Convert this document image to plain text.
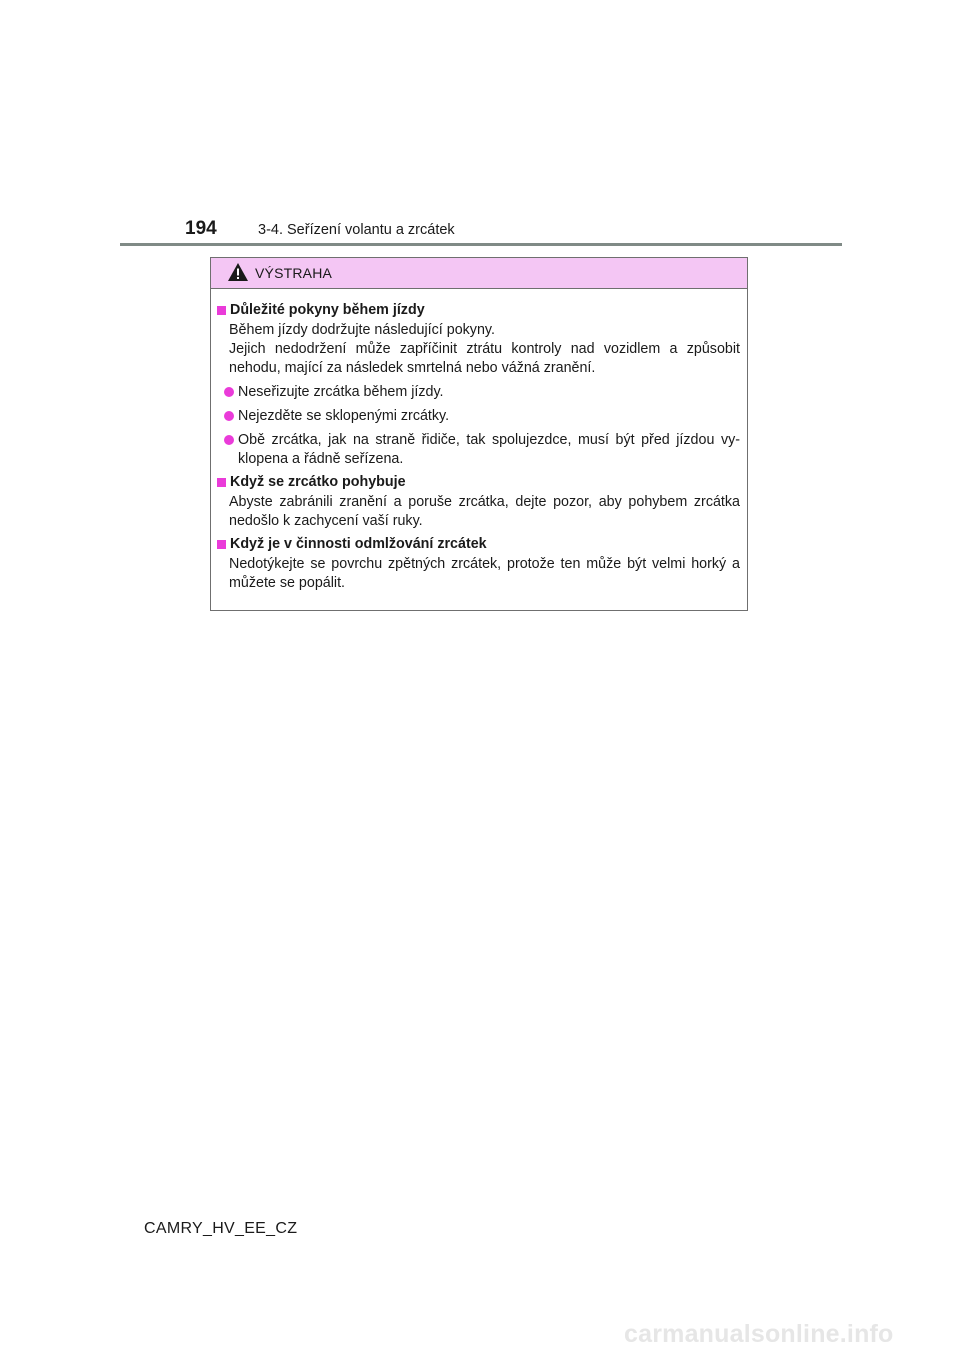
194	3-4. Seřízení volantu a zrcátek
VÝSTRAHA
Důležité pokyny během jízdy
Během jízdy dodržujte následující pokyny.
Jejich nedodržení může zapříčinit ztrátu kontroly nad vozidlem a způsobit nehodu, mající za následek smrtelná nebo vážná zranění.
Neseřizujte zrcátka během jízdy.
Nejezděte se sklopenými zrcátky.
Obě zrcátka, jak na straně řidiče, tak spolujezdce, musí být před jízdou vy-klopena a řádně seřízena.
Když se zrcátko pohybuje
Abyste zabránili zranění a poruše zrcátka, dejte pozor, aby pohybem zrcátka nedošlo k zachycení vaší ruky.
Když je v činnosti odmlžování zrcátek
Nedotýkejte se povrchu zpětných zrcátek, protože ten může být velmi horký a můžete se popálit.
CAMRY_HV_EE_CZ
carmanualsonline.info
